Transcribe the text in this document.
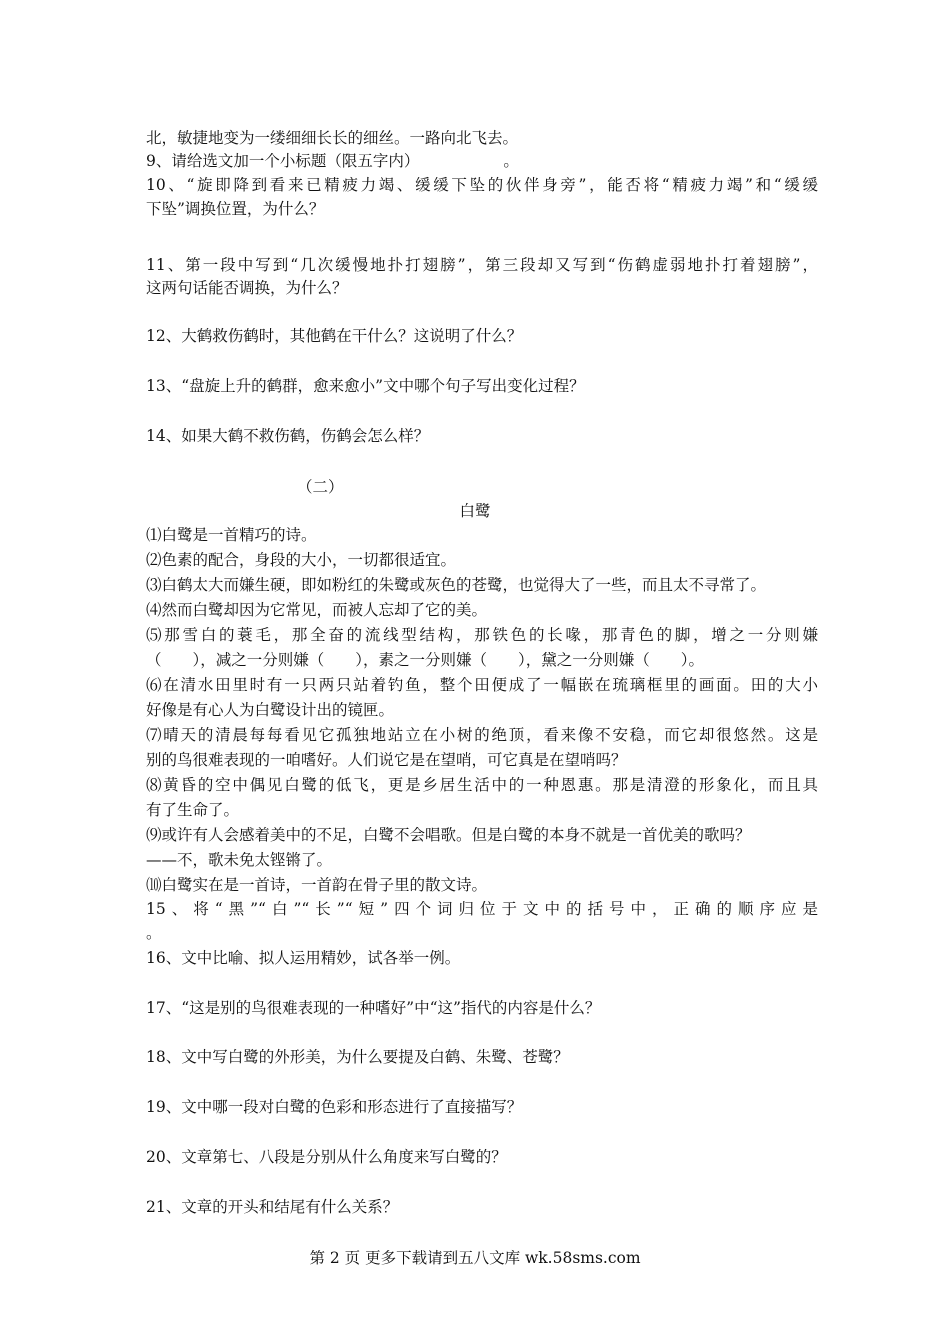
北，敏捷地变为一缕细细长长的细丝。一路向北飞去。
9、请给选文加一个小标题（限五字内）	。
10、“旋即降到看来已精疲力竭、缓缓下坠的伙伴身旁”，能否将“精疲力竭”和“缓缓
下坠”调换位置，为什么？
11、第一段中写到“几次缓慢地扑打翅膀”，第三段却又写到“伤鹤虚弱地扑打着翅膀”，
这两句话能否调换，为什么？
12、大鹤救伤鹤时，其他鹤在干什么？这说明了什么？
13、“盘旋上升的鹤群，愈来愈小”文中哪个句子写出变化过程？
14、如果大鹤不救伤鹤，伤鹤会怎么样？
（二）
白鹭
⑴白鹭是一首精巧的诗。
⑵色素的配合，身段的大小，一切都很适宜。
⑶白鹤太大而嫌生硬，即如粉红的朱鹭或灰色的苍鹭，也觉得大了一些，而且太不寻常了。
⑷然而白鹭却因为它常见，而被人忘却了它的美。
⑸那雪白的蓑毛，那全奋的流线型结构，那铁色的长喙，那青色的脚，增之一分则嫌
（　　），减之一分则嫌（　　），素之一分则嫌（　　），黛之一分则嫌（　　）。
⑹在清水田里时有一只两只站着钓鱼，整个田便成了一幅嵌在琉璃框里的画面。田的大小
好像是有心人为白鹭设计出的镜匣。
⑺晴天的清晨每每看见它孤独地站立在小树的绝顶，看来像不安稳，而它却很悠然。这是
别的鸟很难表现的一咱嗜好。人们说它是在望哨，可它真是在望哨吗？
⑻黄昏的空中偶见白鹭的低飞，更是乡居生活中的一种恩惠。那是清澄的形象化，而且具
有了生命了。
⑼或许有人会感着美中的不足，白鹭不会唱歌。但是白鹭的本身不就是一首优美的歌吗？
——不，歌未免太铿锵了。
⑽白鹭实在是一首诗，一首韵在骨子里的散文诗。
15、将“黑”“白”“长”“短”四个词归位于文中的括号中，正确的顺序应是
。
16、文中比喻、拟人运用精妙，试各举一例。
17、“这是别的鸟很难表现的一种嗜好”中“这”指代的内容是什么？
18、文中写白鹭的外形美，为什么要提及白鹤、朱鹭、苍鹭？
19、文中哪一段对白鹭的色彩和形态进行了直接描写？
20、文章第七、八段是分别从什么角度来写白鹭的？
21、文章的开头和结尾有什么关系？
第 2 页 更多下载请到五八文库 wk.58sms.com
